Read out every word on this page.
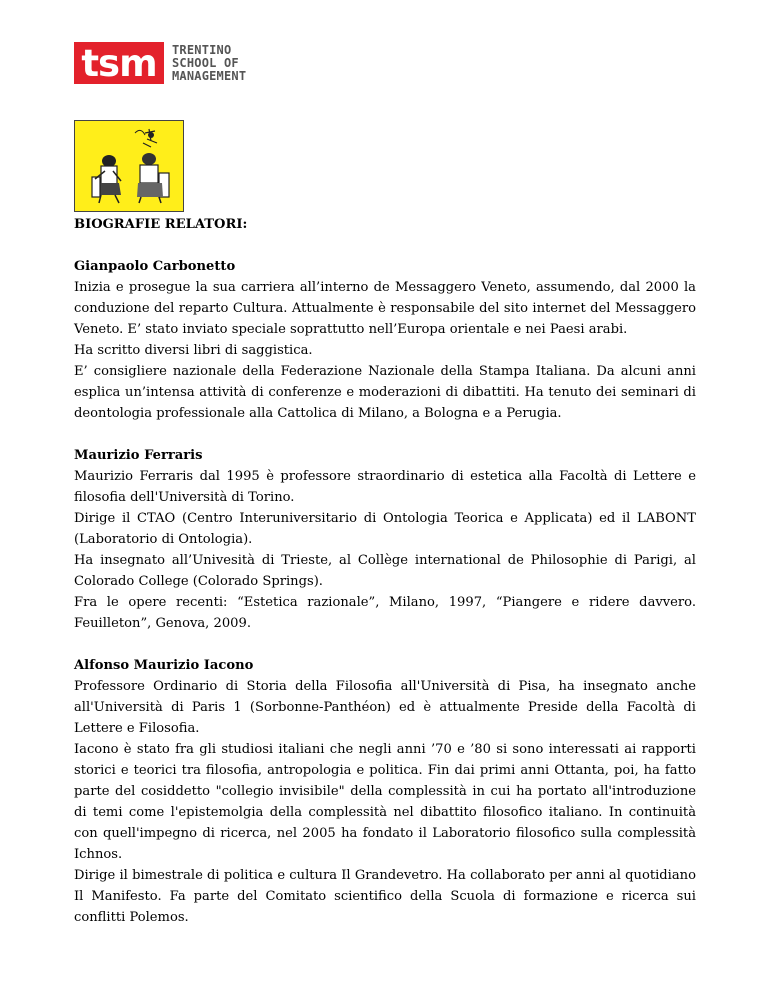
tsm	TRENTINO
SCHOOL OF
MANAGEMENT

BIOGRAFIE RELATORI:

Gianpaolo Carbonetto

Inizia e prosegue la sua carriera all’interno de Messaggero Veneto, assumendo, dal 2000 la conduzione del reparto Cultura. Attualmente è responsabile del sito internet del Messaggero Veneto. E’ stato inviato speciale soprattutto nell’Europa orientale e nei Paesi arabi.

Ha scritto diversi libri di saggistica.

E’ consigliere nazionale della Federazione Nazionale della Stampa Italiana. Da alcuni anni esplica un’intensa attività di conferenze e moderazioni di dibattiti. Ha tenuto dei seminari di deontologia professionale alla Cattolica di Milano, a Bologna e a Perugia.

Maurizio Ferraris

Maurizio Ferraris dal 1995 è professore straordinario di estetica alla Facoltà di Lettere e filosofia dell'Università di Torino.

Dirige il CTAO (Centro Interuniversitario di Ontologia Teorica e Applicata) ed il LABONT (Laboratorio di Ontologia).

Ha insegnato all’Univesità di Trieste, al Collège international de Philosophie di Parigi, al Colorado College (Colorado Springs).

Fra le opere recenti: “Estetica razionale”, Milano, 1997, “Piangere e ridere davvero. Feuilleton”, Genova, 2009.

Alfonso Maurizio Iacono

Professore Ordinario di Storia della Filosofia all'Università di Pisa, ha insegnato anche all'Università di Paris 1 (Sorbonne-Panthéon) ed è attualmente Preside della Facoltà di Lettere e Filosofia.

Iacono è stato fra gli studiosi italiani che negli anni ’70 e ’80 si sono interessati ai rapporti storici e teorici tra filosofia, antropologia e politica. Fin dai primi anni Ottanta, poi, ha fatto parte del cosiddetto "collegio invisibile" della complessità in cui ha portato all'introduzione di temi come l'epistemolgia della complessità nel dibattito filosofico italiano. In continuità con quell'impegno di ricerca, nel 2005 ha fondato il Laboratorio filosofico sulla complessità Ichnos.

Dirige il bimestrale di politica e cultura Il Grandevetro. Ha collaborato per anni al quotidiano Il Manifesto. Fa parte del Comitato scientifico della Scuola di formazione e ricerca sui conflitti Polemos.
